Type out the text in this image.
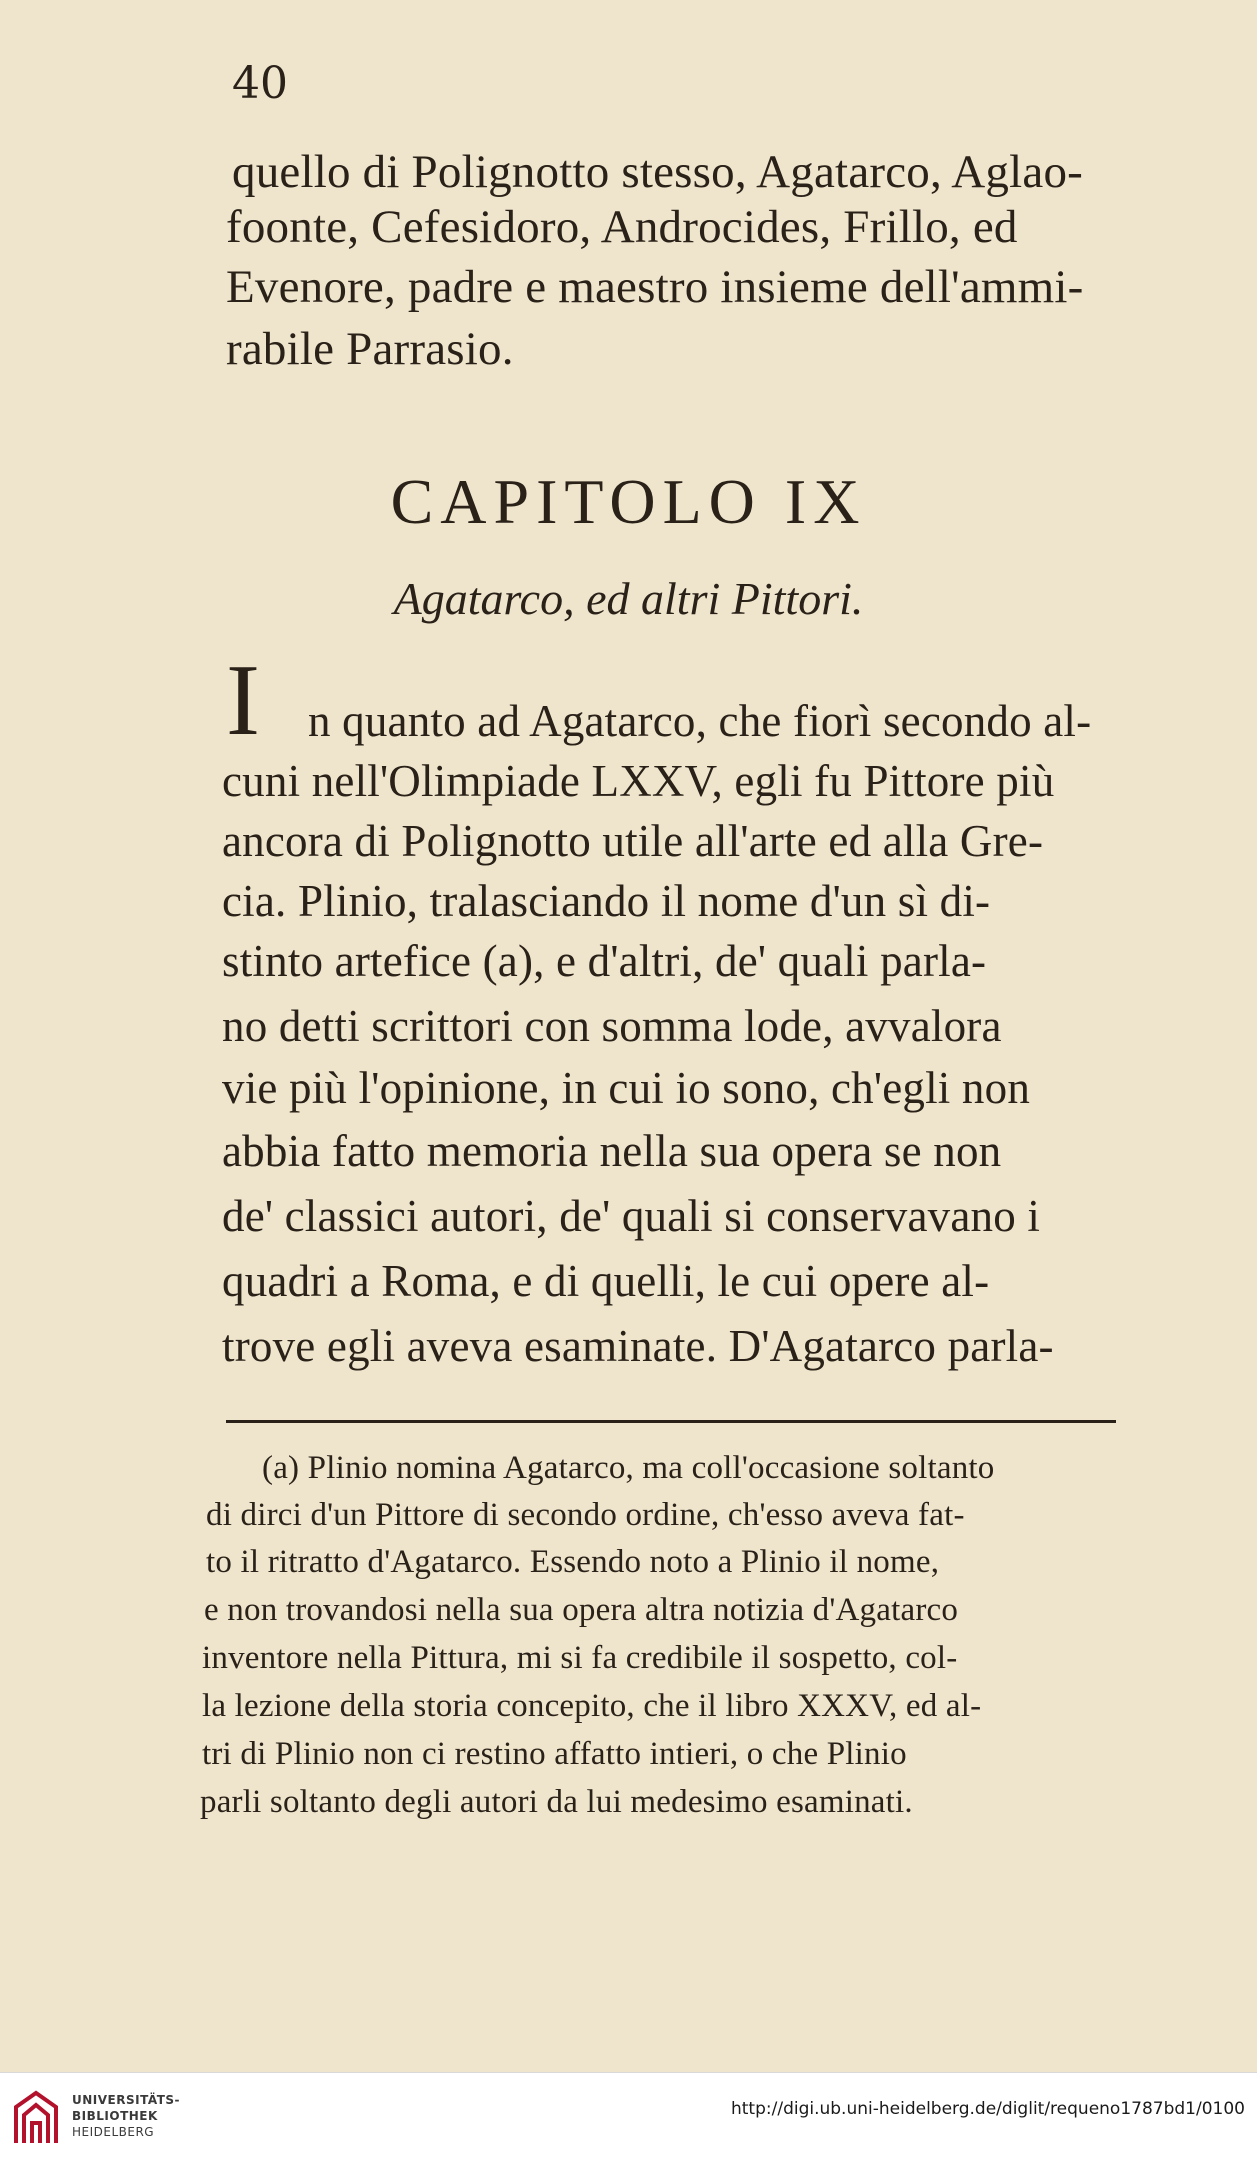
40
quello di Polignotto stesso, Agatarco, Aglao-
foonte, Cefesidoro, Androcides, Frillo, ed
Evenore, padre e maestro insieme dell'ammi-
rabile Parrasio.
CAPITOLO IX
Agatarco, ed altri Pittori.
I n quanto ad Agatarco, che fiorì secondo al-
cuni nell'Olimpiade LXXV, egli fu Pittore più
ancora di Polignotto utile all'arte ed alla Gre-
cia. Plinio, tralasciando il nome d'un sì di-
stinto artefice (a), e d'altri, de' quali parla-
no detti scrittori con somma lode, avvalora
vie più l'opinione, in cui io sono, ch'egli non
abbia fatto memoria nella sua opera se non
de' classici autori, de' quali si conservavano i
quadri a Roma, e di quelli, le cui opere al-
trove egli aveva esaminate. D'Agatarco parla-
(a) Plinio nomina Agatarco, ma coll'occasione soltanto
di dirci d'un Pittore di secondo ordine, ch'esso aveva fat-
to il ritratto d'Agatarco. Essendo noto a Plinio il nome,
e non trovandosi nella sua opera altra notizia d'Agatarco
inventore nella Pittura, mi si fa credibile il sospetto, col-
la lezione della storia concepito, che il libro XXXV, ed al-
tri di Plinio non ci restino affatto intieri, o che Plinio
parli soltanto degli autori da lui medesimo esaminati.
UNIVERSITÄTS-
BIBLIOTHEK
HEIDELBERG
http://digi.ub.uni-heidelberg.de/diglit/requeno1787bd1/0100
